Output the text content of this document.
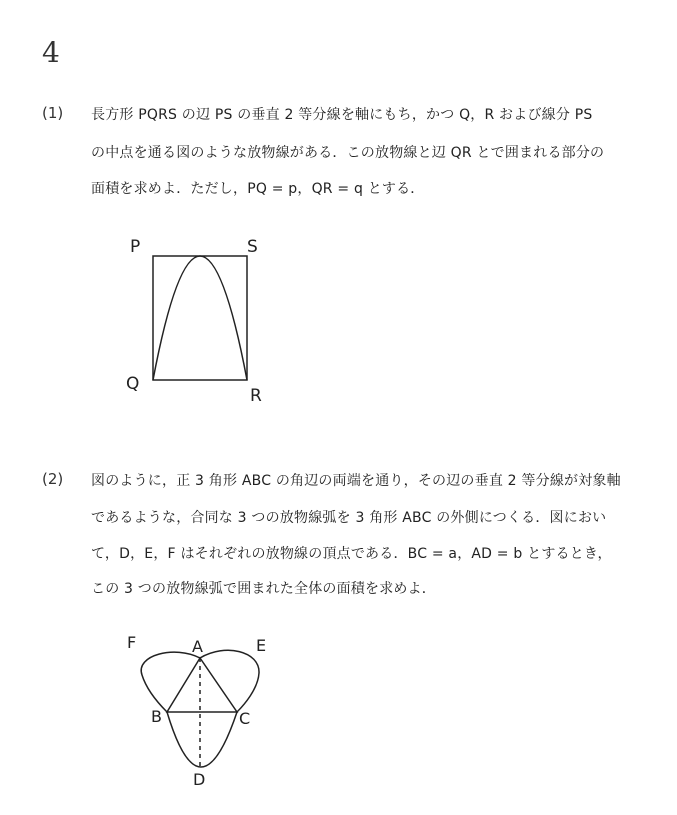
4
(1) 長方形 PQRS の辺 PS の垂直 2 等分線を軸にもち，かつ Q，R および線分 PS
の中点を通る図のような放物線がある．この放物線と辺 QR とで囲まれる部分の
面積を求めよ．ただし，PQ = p，QR = q とする．
P	S
Q
R
(2) 図のように，正 3 角形 ABC の角辺の両端を通り，その辺の垂直 2 等分線が対象軸
であるような，合同な 3 つの放物線弧を 3 角形 ABC の外側につくる．図におい
て，D，E，F はそれぞれの放物線の頂点である．BC = a，AD = b とするとき，
この 3 つの放物線弧で囲まれた全体の面積を求めよ．
A
B	C
D
E
F
